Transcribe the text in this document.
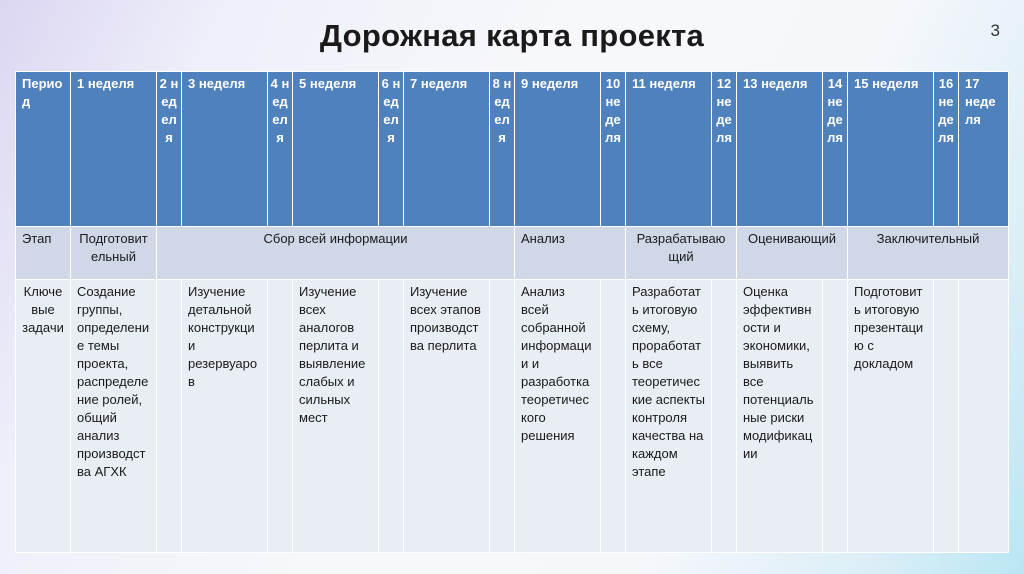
Дорожная карта проекта	3
Период	1 неделя	2 неделя	3 неделя	4 неделя	5 неделя	6 неделя	7 неделя	8 неделя	9 неделя	10 неделя	11 неделя	12 неделя	13 неделя	14 неделя	15 неделя	16 неделя	17 неделя
Этап	Подготовительный	Сбор всей информации							Анализ		Разрабатывающий		Оценивающий		Заключительный		
Ключевые задачи	Создание группы, определение темы проекта, распределение ролей, общий анализ производства АГХК		Изучение детальной конструкции резервуаров		Изучение всех аналогов перлита и выявление слабых и сильных мест		Изучение всех этапов производства перлита		Анализ всей собранной информации и разработка теоретического решения		Разработать итоговую схему, проработать все теоретические аспекты контроля качества на каждом этапе		Оценка эффективности и экономики, выявить все потенциальные риски модификации		Подготовить итоговую презентацию с докладом		
